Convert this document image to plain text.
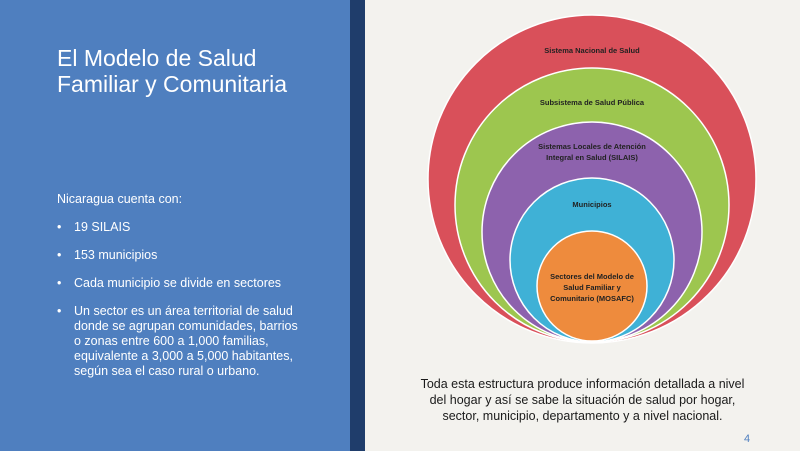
El Modelo de Salud
Familiar y Comunitaria
Nicaragua cuenta con:
• 19 SILAIS
• 153 municipios
• Cada municipio se divide en sectores
• Un sector es un área territorial de salud
donde se agrupan comunidades, barrios
o zonas entre 600 a 1,000 familias,
equivalente a 3,000 a 5,000 habitantes,
según sea el caso rural o urbano.
Sistema Nacional de Salud
Subsistema de Salud Pública
Sistemas Locales de Atención
Integral en Salud (SILAIS)
Municipios
Sectores del Modelo de
Salud Familiar y
Comunitario (MOSAFC)
Toda esta estructura produce información detallada a nivel
del hogar y así se sabe la situación de salud por hogar,
sector, municipio, departamento y a nivel nacional.
4
